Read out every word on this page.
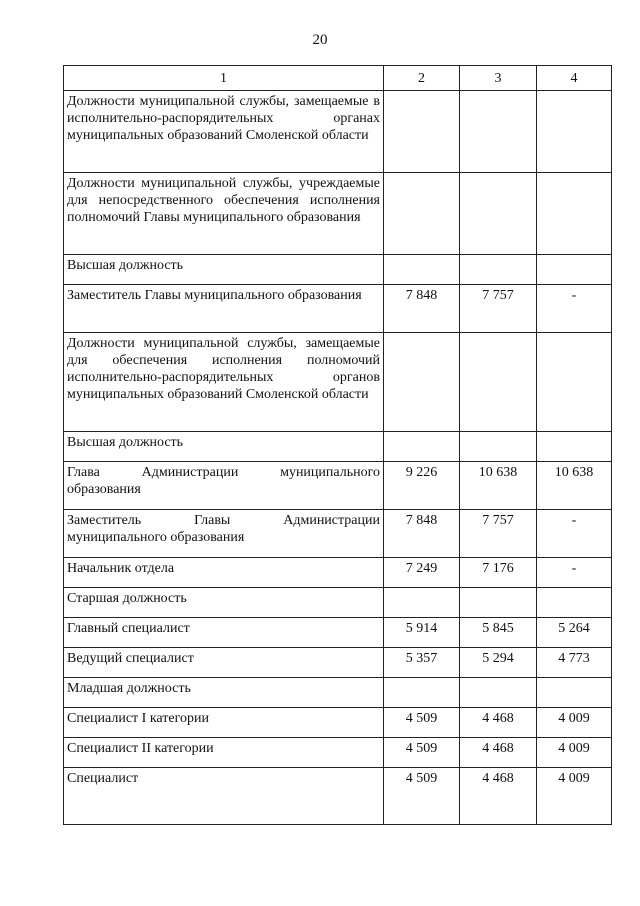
20
1	2	3	4
Должности муниципальной службы, замещаемые в исполнительно-распорядительных органах муниципальных образований Смоленской области			
Должности муниципальной службы, учреждаемые для непосредственного обеспечения исполнения полномочий Главы муниципального образования			
Высшая должность			
Заместитель Главы муниципального образования	7 848	7 757	-
Должности муниципальной службы, замещаемые для обеспечения исполнения полномочий исполнительно-распорядительных органов муниципальных образований Смоленской области			
Высшая должность			
Глава Администрации муниципального образования	9 226	10 638	10 638
Заместитель Главы Администрации муниципального образования	7 848	7 757	-
Начальник отдела	7 249	7 176	-
Старшая должность			
Главный специалист	5 914	5 845	5 264
Ведущий специалист	5 357	5 294	4 773
Младшая должность			
Специалист I категории	4 509	4 468	4 009
Специалист II категории	4 509	4 468	4 009
Специалист	4 509	4 468	4 009
